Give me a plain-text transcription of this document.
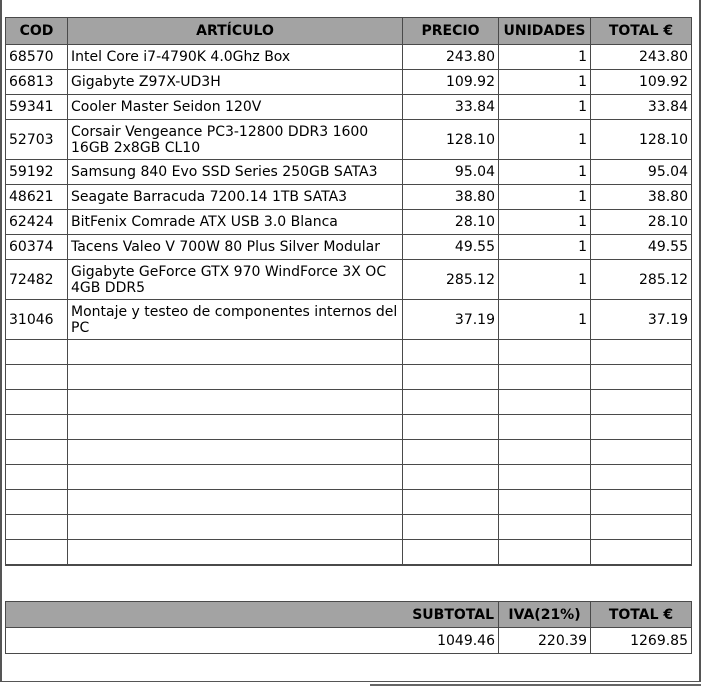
COD	ARTÍCULO	PRECIO	UNIDADES	TOTAL €
68570	Intel Core i7-4790K 4.0Ghz Box	243.80	1	243.80
66813	Gigabyte Z97X-UD3H	109.92	1	109.92
59341	Cooler Master Seidon 120V	33.84	1	33.84
52703	Corsair Vengeance PC3-12800 DDR3 1600 16GB 2x8GB CL10	128.10	1	128.10
59192	Samsung 840 Evo SSD Series 250GB SATA3	95.04	1	95.04
48621	Seagate Barracuda 7200.14 1TB SATA3	38.80	1	38.80
62424	BitFenix Comrade ATX USB 3.0 Blanca	28.10	1	28.10
60374	Tacens Valeo V 700W 80 Plus Silver Modular	49.55	1	49.55
72482	Gigabyte GeForce GTX 970 WindForce 3X OC 4GB DDR5	285.12	1	285.12
31046	Montaje y testeo de componentes internos del PC	37.19	1	37.19

SUBTOTAL	IVA(21%)	TOTAL €
1049.46	220.39	1269.85
